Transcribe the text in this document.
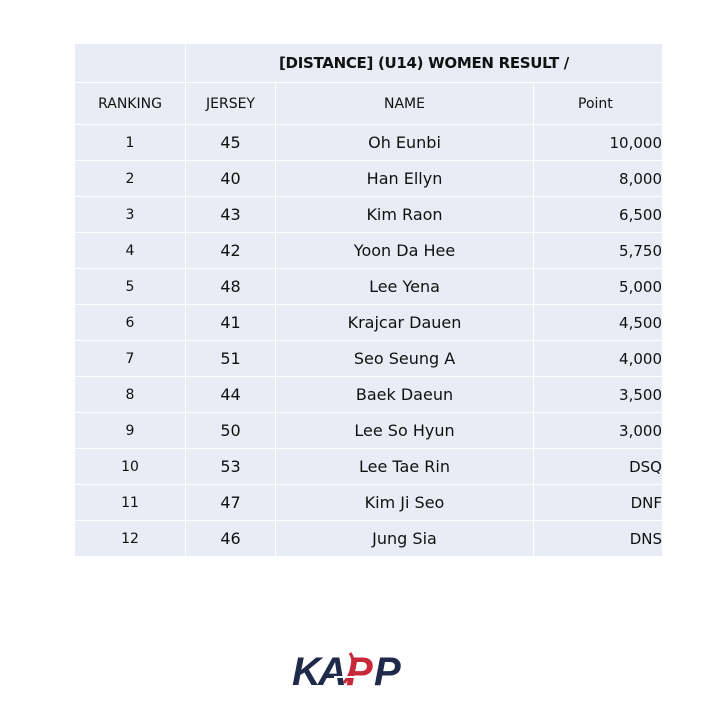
[DISTANCE] (U14) WOMEN RESULT /
RANKING	JERSEY	NAME	Point
1	45	Oh Eunbi	10,000
2	40	Han Ellyn	8,000
3	43	Kim Raon	6,500
4	42	Yoon Da Hee	5,750
5	48	Lee Yena	5,000
6	41	Krajcar Dauen	4,500
7	51	Seo Seung A	4,000
8	44	Baek Daeun	3,500
9	50	Lee So Hyun	3,000
10	53	Lee Tae Rin	DSQ
11	47	Kim Ji Seo	DNF
12	46	Jung Sia	DNS
K
A P P
